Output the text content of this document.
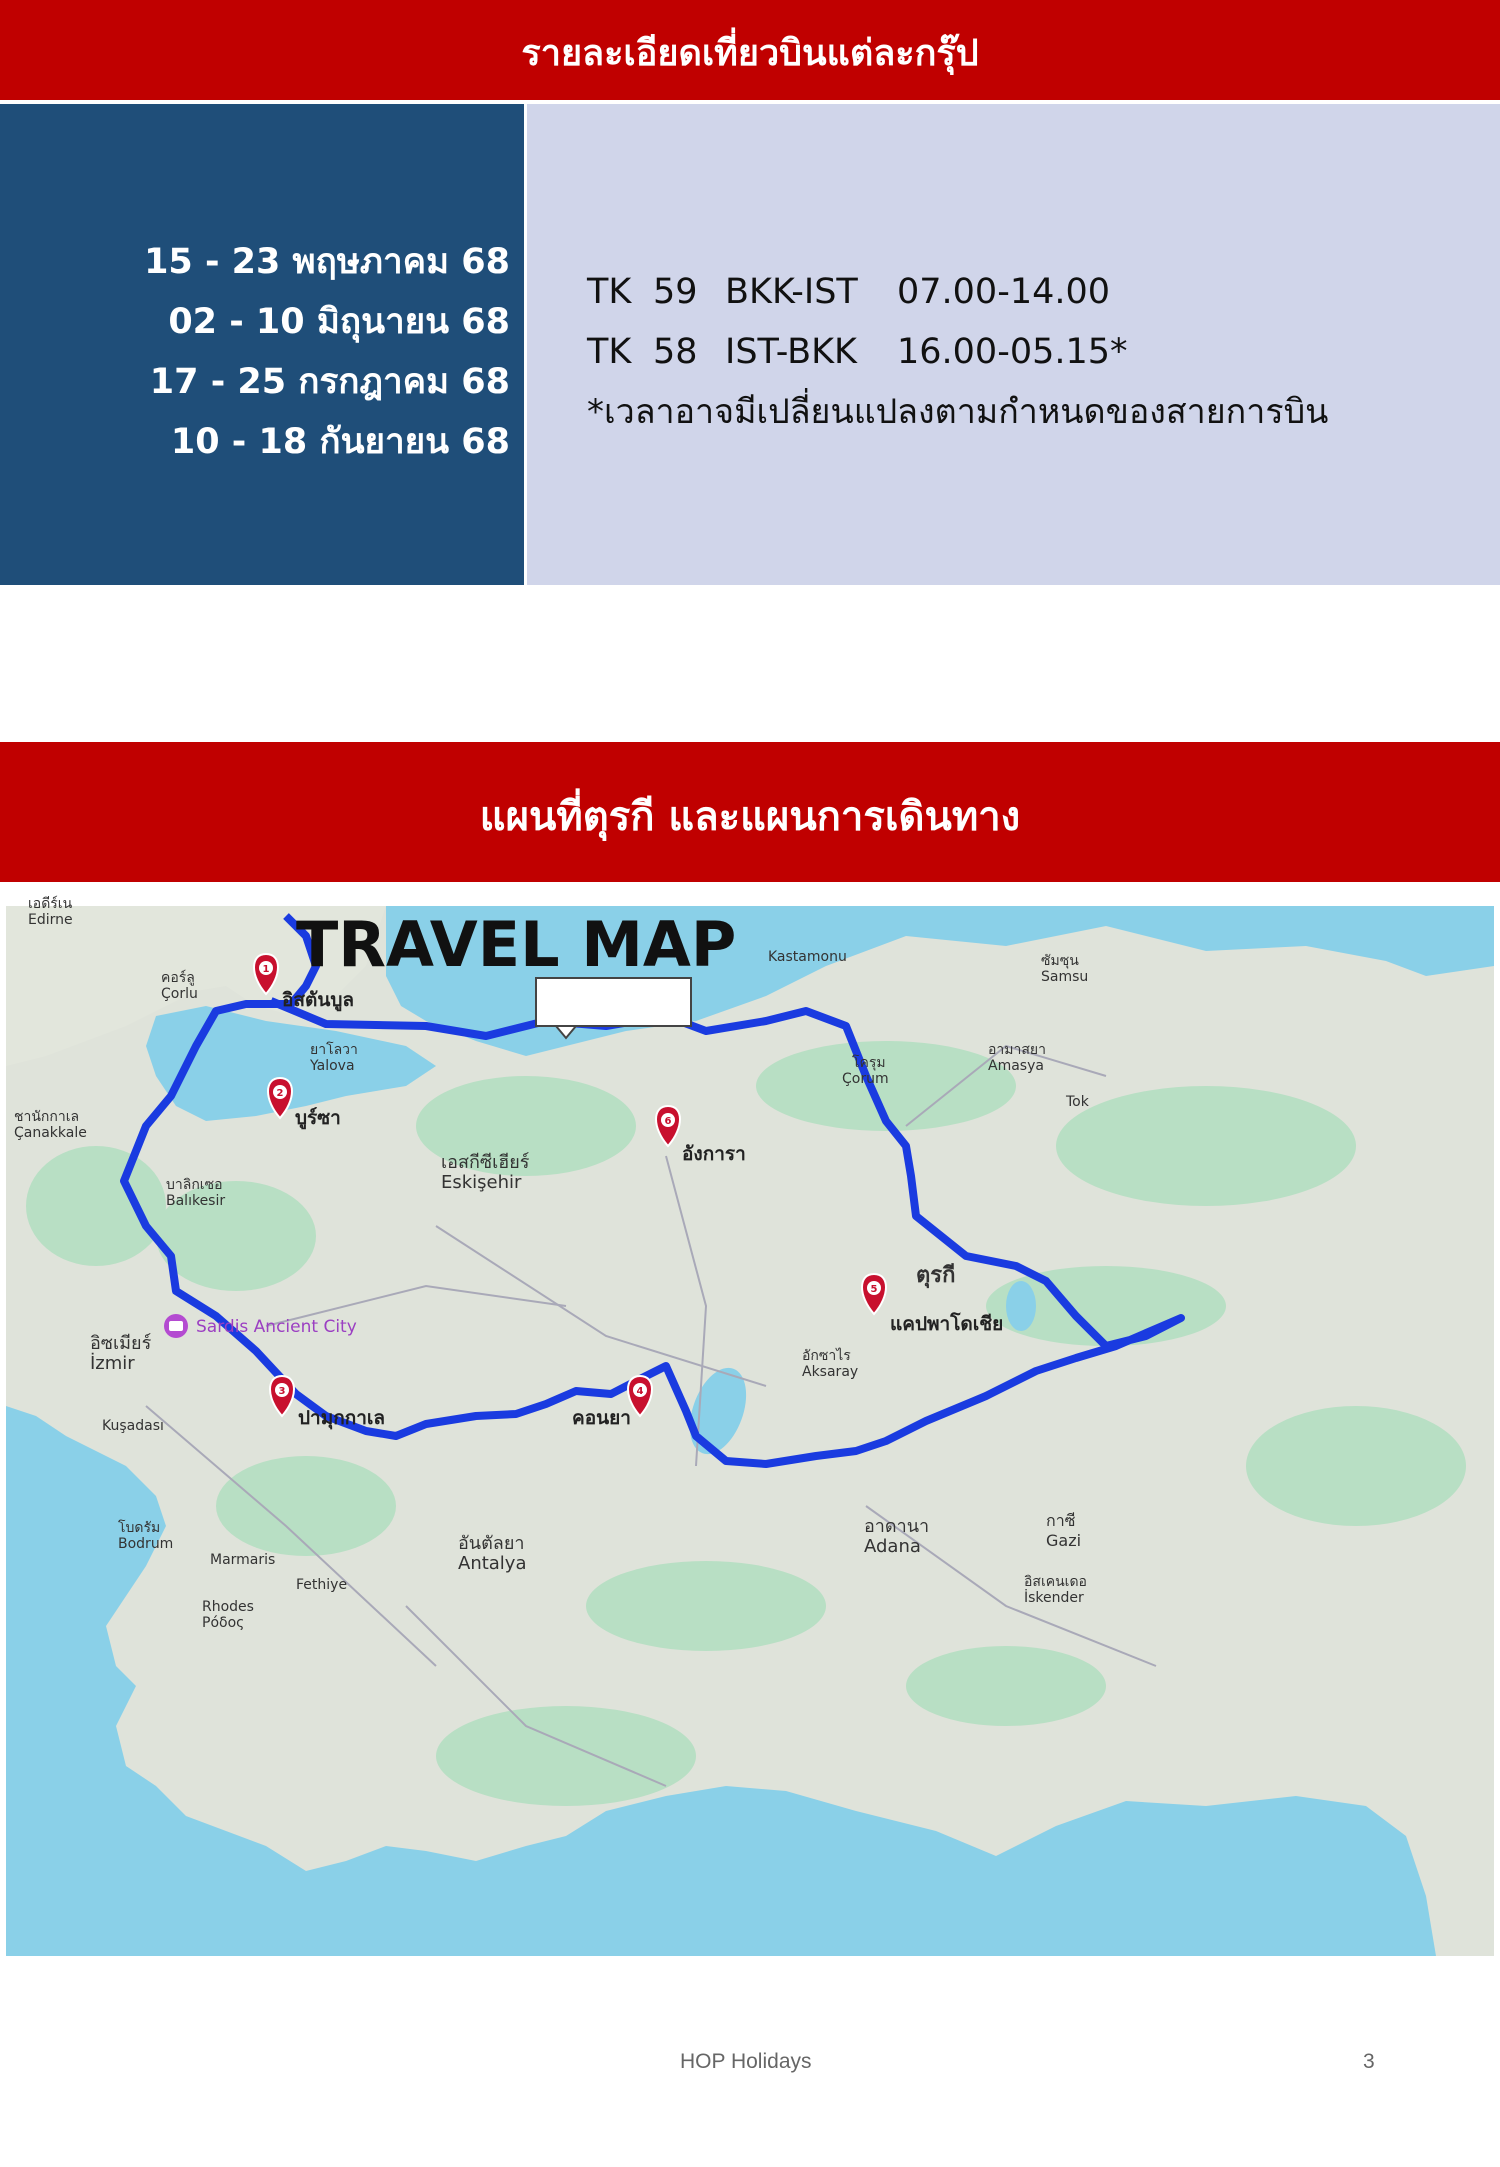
รายละเอียดเที่ยวบินแต่ละกรุ๊ป
15 - 23 พฤษภาคม 68
02 - 10 มิถุนายน 68
17 - 25 กรกฎาคม 68
10 - 18 กันยายน 68
TK 59 BKK-IST 07.00-14.00
TK 58 IST-BKK 16.00-05.15*
*เวลาอาจมีเปลี่ยนแปลงตามกำหนดของสายการบิน
แผนที่ตุรกี และแผนการเดินทาง
1
2
3	4
5
6
อิสตันบูล
บูร์ซา
ปามุกกาเล	คอนยา
แคปพาโดเชีย
อังการา
ตุรกี
Sardis Ancient City
เอดีร์เน
Edirne
คอร์ลู
Çorlu
ยาโลวา
Yalova
ชานักกาเล
Çanakkale
บาลิกเซอ
Balıkesir
เอสกีซีเฮียร์
Eskişehir
อิซเมียร์
İzmir
Kuşadası
โบดรัม
Bodrum
Marmaris
Fethiye
Rhodes
Ρόδος
อันตัลยา
Antalya
อักซาไร
Aksaray
อาดานา
Adana
กาซี
Gazi
อิสเคนเดอ
İskender
Kastamonu
โครุม
Çorum
อามาสยา
Amasya
ซัมซุน
Samsu
Tok
TRAVEL MAP
HOP Holidays	3
